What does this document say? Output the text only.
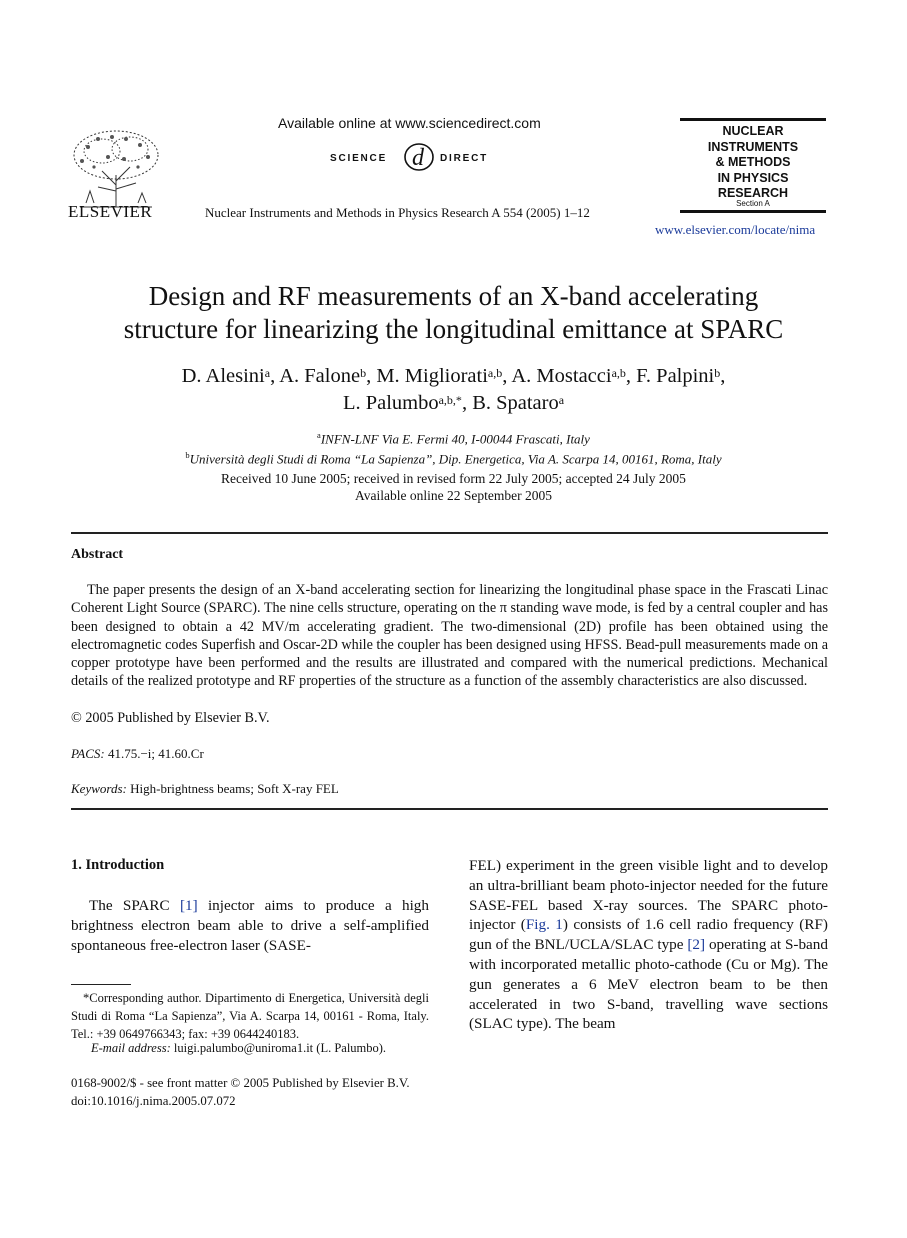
ELSEVIER
Available online at www.sciencedirect.com
SCIENCE d DIRECT
Nuclear Instruments and Methods in Physics Research A 554 (2005) 1–12
NUCLEAR
INSTRUMENTS
& METHODS
IN PHYSICS
RESEARCH
Section A
www.elsevier.com/locate/nima
Design and RF measurements of an X-band accelerating
structure for linearizing the longitudinal emittance at SPARC
D. Alesini$^a$, A. Falone$^b$, M. Migliorati$^{a,b}$, A. Mostacci$^{a,b}$, F. Palpini$^b$,
L. Palumbo$^{a,b,*}$, B. Spataro$^a$
$^a$INFN-LNF Via E. Fermi 40, I-00044 Frascati, Italy
$^b$Università degli Studi di Roma “La Sapienza”, Dip. Energetica, Via A. Scarpa 14, 00161, Roma, Italy
Received 10 June 2005; received in revised form 22 July 2005; accepted 24 July 2005
Available online 22 September 2005
Abstract

The paper presents the design of an X-band accelerating section for linearizing the longitudinal phase space in the Frascati Linac Coherent Light Source (SPARC). The nine cells structure, operating on the π standing wave mode, is fed by a central coupler and has been designed to obtain a 42 MV/m accelerating gradient. The two-dimensional (2D) profile has been obtained using the electromagnetic codes Superfish and Oscar-2D while the coupler has been designed using HFSS. Bead-pull measurements made on a copper prototype have been performed and the results are illustrated and compared with the numerical predictions. Mechanical details of the realized prototype and RF properties of the structure as a function of the assembly characteristics are also discussed.

© 2005 Published by Elsevier B.V.
PACS: 41.75.−i; 41.60.Cr
Keywords: High-brightness beams; Soft X-ray FEL
1. Introduction

The SPARC [1] injector aims to produce a high brightness electron beam able to drive a self-amplified spontaneous free-electron laser (SASE-

FEL) experiment in the green visible light and to develop an ultra-brilliant beam photo-injector needed for the future SASE-FEL based X-ray sources. The SPARC photo-injector (Fig. 1) consists of 1.6 cell radio frequency (RF) gun of the BNL/UCLA/SLAC type [2] operating at S-band with incorporated metallic photo-cathode (Cu or Mg). The gun generates a 6 MeV electron beam to be then accelerated in two S-band, travelling wave sections (SLAC type). The beam

*Corresponding author. Dipartimento di Energetica, Università degli Studi di Roma “La Sapienza”, Via A. Scarpa 14, 00161 - Roma, Italy. Tel.: +39 0649766343; fax: +39 0644240183.

E-mail address: luigi.palumbo@uniroma1.it (L. Palumbo).

0168-9002/$ - see front matter © 2005 Published by Elsevier B.V.
doi:10.1016/j.nima.2005.07.072
